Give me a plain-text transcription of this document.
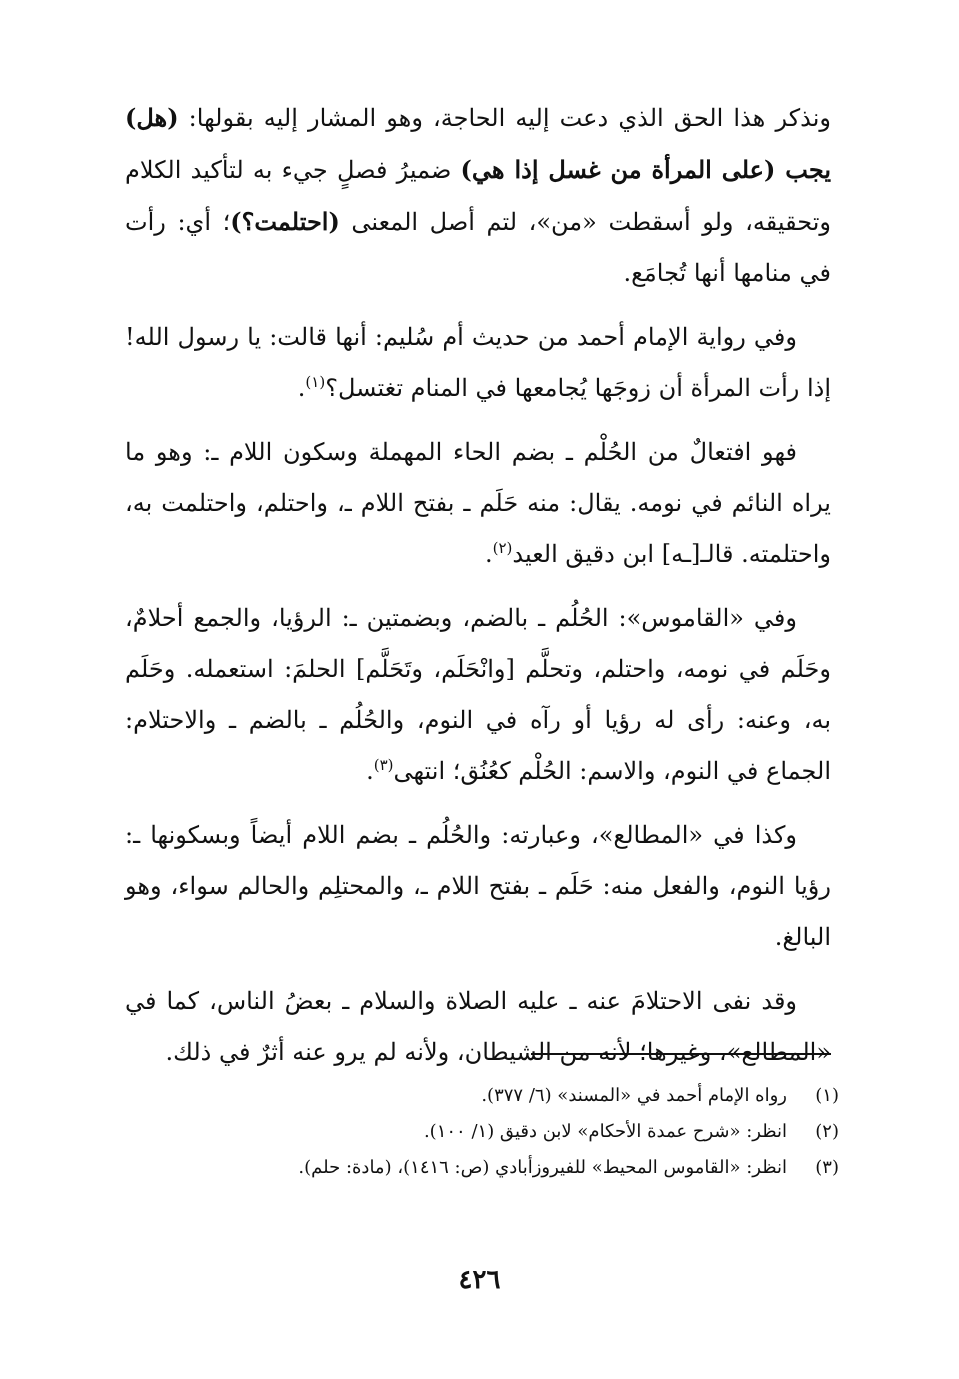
ونذكر هذا الحق الذي دعت إليه الحاجة، وهو المشار إليه بقولها: (هل) يجب (على المرأة من غسل إذا هي) ضميرُ فصلٍ جيء به لتأكيد الكلام وتحقيقه، ولو أسقطت «من»، لتم أصل المعنى (احتلمت؟)؛ أي: رأت في منامها أنها تُجامَع.

وفي رواية الإمام أحمد من حديث أم سُليم: أنها قالت: يا رسول الله! إذا رأت المرأة أن زوجَها يُجامعها في المنام تغتسل؟$^{(١)}$.

فهو افتعالٌ من الحُلْم ـ بضم الحاء المهملة وسكون اللام ـ: وهو ما يراه النائم في نومه. يقال: منه حَلَم ـ بفتح اللام ـ، واحتلم، واحتلمت به، واحتلمته. قالـ[ـه] ابن دقيق العيد$^{(٢)}$.

وفي «القاموس»: الحُلُم ـ بالضم، وبضمتين ـ: الرؤيا، والجمع أحلامٌ، وحَلَم في نومه، واحتلم، وتحلَّم [وانْحَلَم، وتَحَلَّم] الحلمَ: استعمله. وحَلَم به، وعنه: رأى له رؤيا أو رآه في النوم، والحُلُم ـ بالضم ـ والاحتلام: الجماع في النوم، والاسم: الحُلْم كعُنُق؛ انتهى$^{(٣)}$.

وكذا في «المطالع»، وعبارته: والحُلُم ـ بضم اللام أيضاً وبسكونها ـ: رؤيا النوم، والفعل منه: حَلَم ـ بفتح اللام ـ، والمحتلِم والحالم سواء، وهو البالغ.

وقد نفى الاحتلامَ عنه ـ عليه الصلاة والسلام ـ بعضُ الناس، كما في «المطالع»، وغيرها؛ لأنه من الشيطان، ولأنه لم يرو عنه أثرٌ في ذلك.

(١)
رواه الإمام أحمد في «المسند» (٦/ ٣٧٧).
(٢)
انظر: «شرح عمدة الأحكام» لابن دقيق (١/ ١٠٠).
(٣)
انظر: «القاموس المحيط» للفيروزأبادي (ص: ١٤١٦)، (مادة: حلم).
٤٢٦
